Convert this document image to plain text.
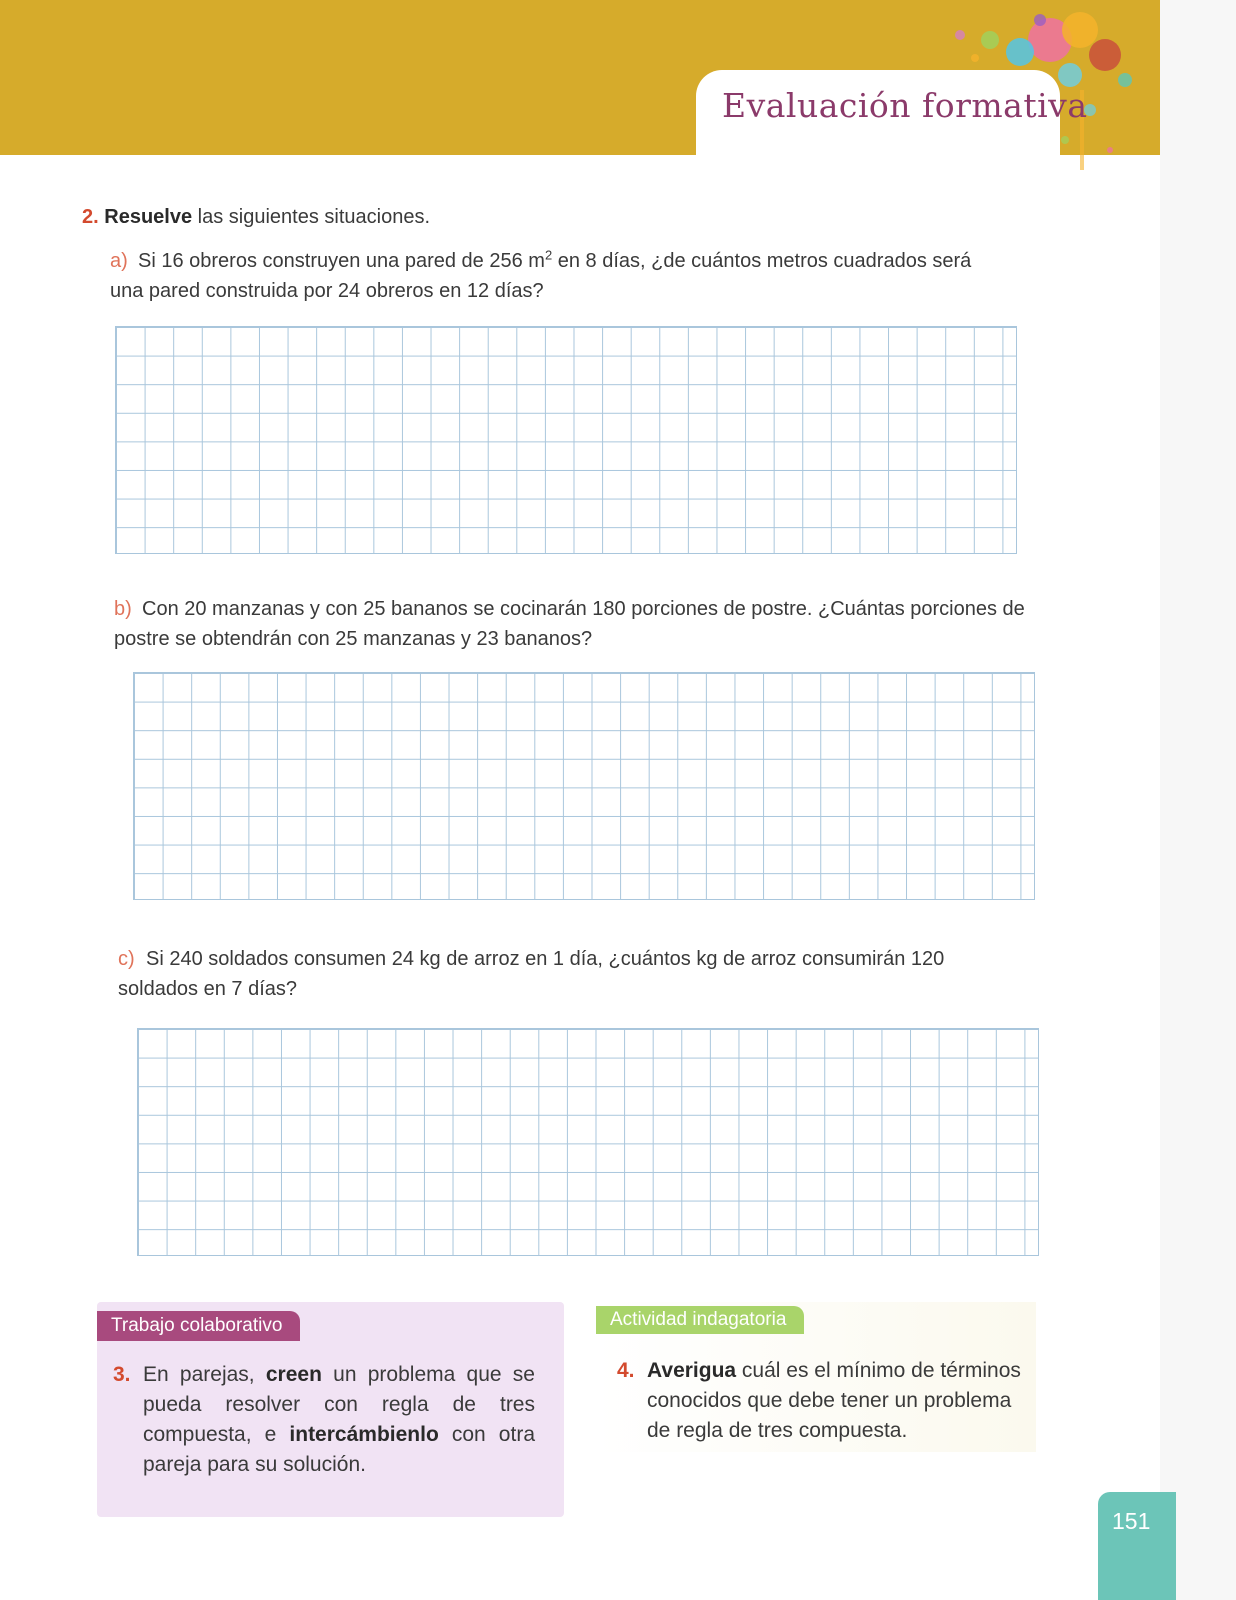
Evaluación formativa
2. Resuelve las siguientes situaciones.
a) Si 16 obreros construyen una pared de 256 $m^2$ en 8 días, ¿de cuántos metros cuadrados será una pared construida por 24 obreros en 12 días?
b) Con 20 manzanas y con 25 bananos se cocinarán 180 porciones de postre. ¿Cuántas porciones de postre se obtendrán con 25 manzanas y 23 bananos?
c) Si 240 soldados consumen 24 kg de arroz en 1 día, ¿cuántos kg de arroz consumirán 120 soldados en 7 días?
Trabajo colaborativo
3. En parejas, creen un problema que se pueda resolver con regla de tres compuesta, e intercámbienlo con otra pareja para su solución.
Actividad indagatoria
4. Averigua cuál es el mínimo de términos conocidos que debe tener un problema de regla de tres compuesta.
151
